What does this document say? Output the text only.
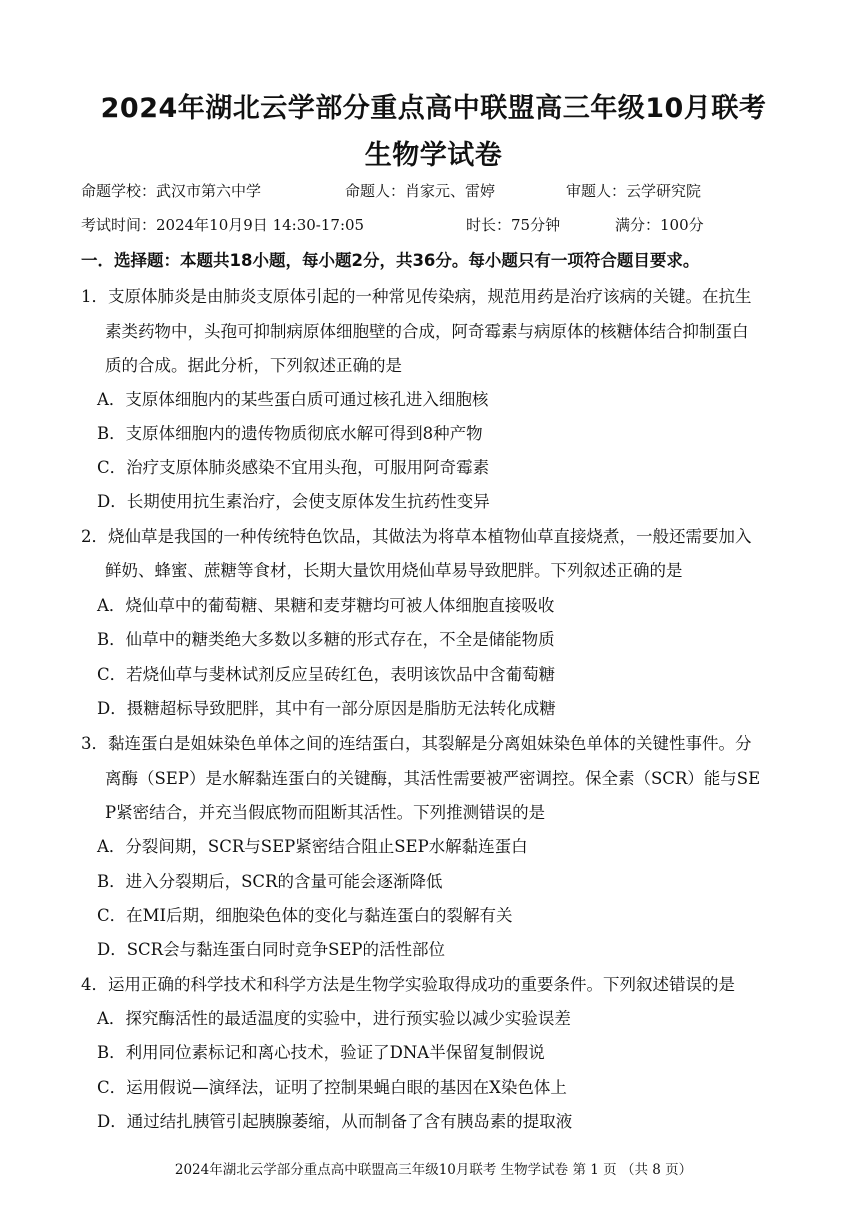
2024年湖北云学部分重点高中联盟高三年级10月联考
生物学试卷
命题学校：武汉市第六中学	命题人：肖家元、雷婷	审题人：云学研究院
考试时间：2024年10月9日 14:30-17:05	时长：75分钟	满分：100分
一．选择题：本题共18小题，每小题2分，共36分。每小题只有一项符合题目要求。
1．支原体肺炎是由肺炎支原体引起的一种常见传染病，规范用药是治疗该病的关键。在抗生
素类药物中，头孢可抑制病原体细胞壁的合成，阿奇霉素与病原体的核糖体结合抑制蛋白
质的合成。据此分析，下列叙述正确的是
A．支原体细胞内的某些蛋白质可通过核孔进入细胞核
B．支原体细胞内的遗传物质彻底水解可得到8种产物
C．治疗支原体肺炎感染不宜用头孢，可服用阿奇霉素
D．长期使用抗生素治疗，会使支原体发生抗药性变异
2．烧仙草是我国的一种传统特色饮品，其做法为将草本植物仙草直接烧煮，一般还需要加入
鲜奶、蜂蜜、蔗糖等食材，长期大量饮用烧仙草易导致肥胖。下列叙述正确的是
A．烧仙草中的葡萄糖、果糖和麦芽糖均可被人体细胞直接吸收
B．仙草中的糖类绝大多数以多糖的形式存在，不全是储能物质
C．若烧仙草与斐林试剂反应呈砖红色，表明该饮品中含葡萄糖
D．摄糖超标导致肥胖，其中有一部分原因是脂肪无法转化成糖
3．黏连蛋白是姐妹染色单体之间的连结蛋白，其裂解是分离姐妹染色单体的关键性事件。分
离酶（SEP）是水解黏连蛋白的关键酶，其活性需要被严密调控。保全素（SCR）能与SE
P紧密结合，并充当假底物而阻断其活性。下列推测错误的是
A．分裂间期，SCR与SEP紧密结合阻止SEP水解黏连蛋白
B．进入分裂期后，SCR的含量可能会逐渐降低
C．在MI后期，细胞染色体的变化与黏连蛋白的裂解有关
D．SCR会与黏连蛋白同时竞争SEP的活性部位
4．运用正确的科学技术和科学方法是生物学实验取得成功的重要条件。下列叙述错误的是
A．探究酶活性的最适温度的实验中，进行预实验以减少实验误差
B．利用同位素标记和离心技术，验证了DNA半保留复制假说
C．运用假说—演绎法，证明了控制果蝇白眼的基因在X染色体上
D．通过结扎胰管引起胰腺萎缩，从而制备了含有胰岛素的提取液
2024年湖北云学部分重点高中联盟高三年级10月联考 生物学试卷 第 1 页 （共 8 页）
